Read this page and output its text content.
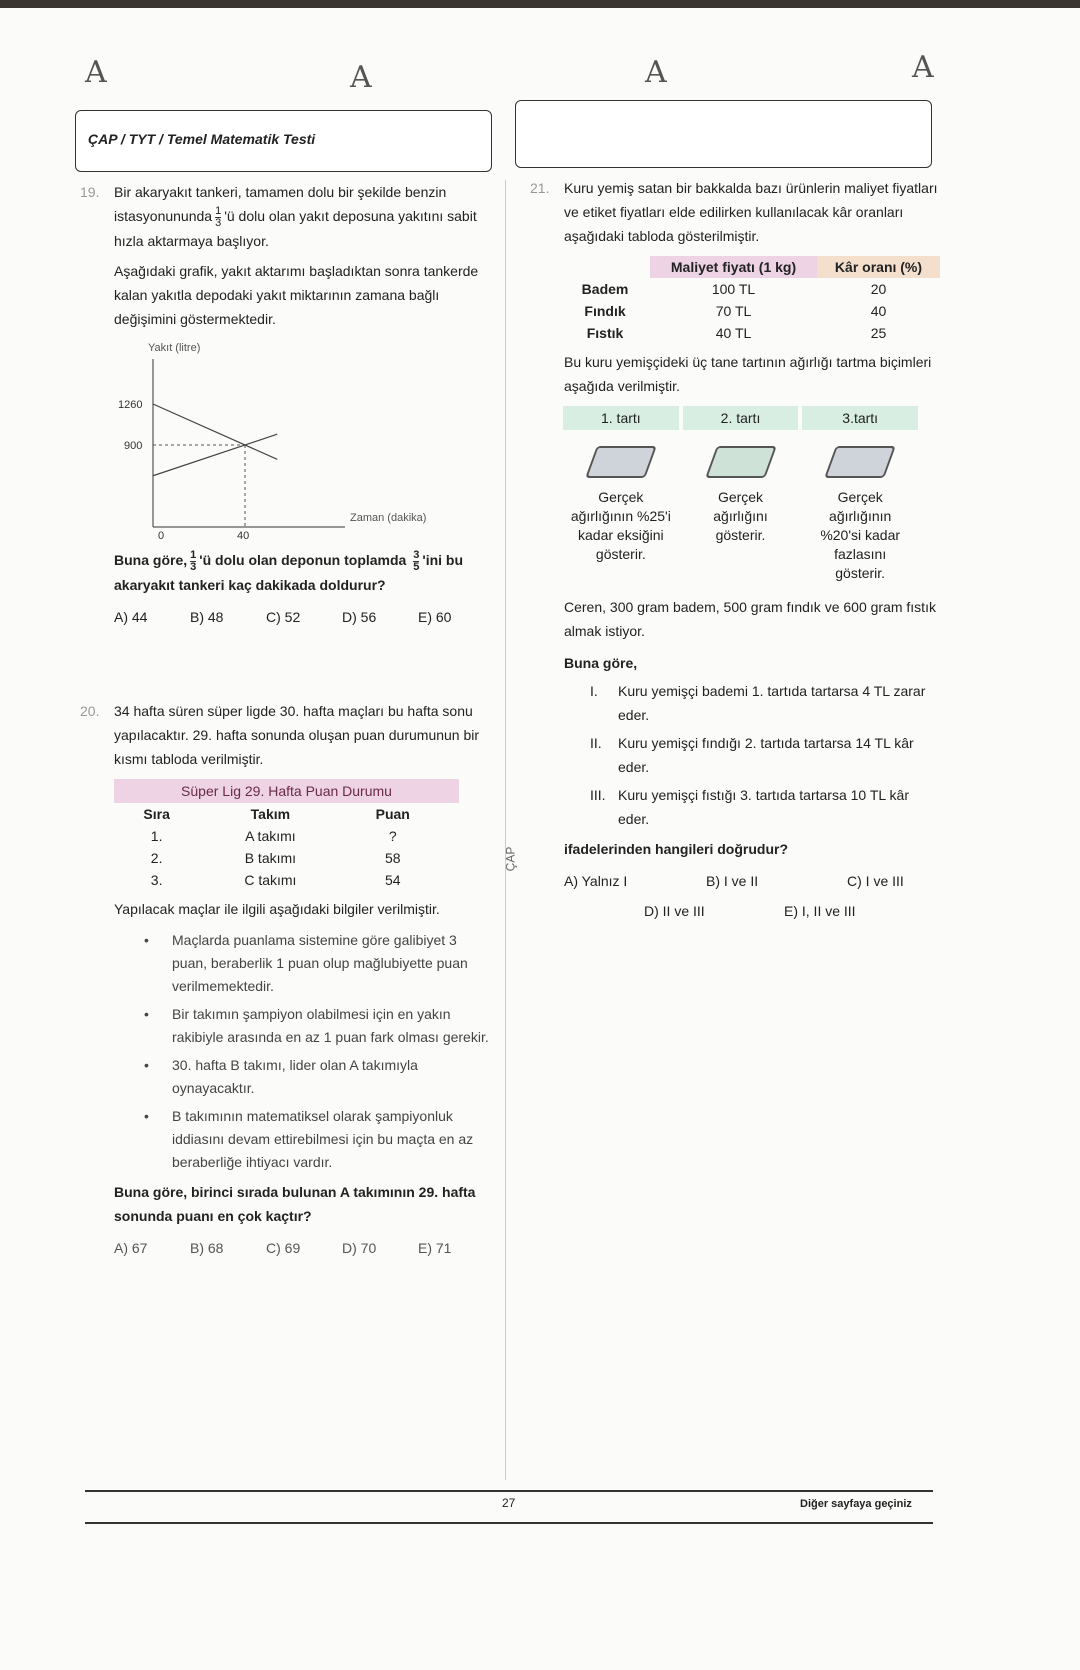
A	A	A	A
ÇAP / TYT / Temel Matematik Testi
ÇAP
19.	Bir akaryakıt tankeri, tamamen dolu bir şekilde benzin
istasyonununda $\frac{1}{3}$ 'ü dolu olan yakıt deposuna yakıtını sabit hızla aktarmaya başlıyor.
Aşağıdaki grafik, yakıt aktarımı başladıktan sonra tankerde kalan yakıtla depodaki yakıt miktarının zamana bağlı değişimini göstermektedir.
Yakıt (litre)
Zaman (dakika)
1260
900
0	40
Buna göre, $\frac{1}{3}$ 'ü dolu olan deponun toplamda $\frac{3}{5}$ 'ini bu akaryakıt tankeri kaç dakikada doldurur?
A) 44	B) 48	C) 52	D) 56	E) 60
20.	34 hafta süren süper ligde 30. hafta maçları bu hafta sonu yapılacaktır. 29. hafta sonunda oluşan puan durumunun bir kısmı tabloda verilmiştir.
Süper Lig 29. Hafta Puan Durumu
Sıra	Takım	Puan
1.	A takımı	?
2.	B takımı	58
3.	C takımı	54
Yapılacak maçlar ile ilgili aşağıdaki bilgiler verilmiştir.
• Maçlarda puanlama sistemine göre galibiyet 3 puan, beraberlik 1 puan olup mağlubiyette puan verilmemektedir.
• Bir takımın şampiyon olabilmesi için en yakın rakibiyle arasında en az 1 puan fark olması gerekir.
• 30. hafta B takımı, lider olan A takımıyla oynayacaktır.
• B takımının matematiksel olarak şampiyonluk iddiasını devam ettirebilmesi için bu maçta en az beraberliğe ihtiyacı vardır.
Buna göre, birinci sırada bulunan A takımının 29. hafta sonunda puanı en çok kaçtır?
A) 67	B) 68	C) 69	D) 70	E) 71
21.	Kuru yemiş satan bir bakkalda bazı ürünlerin maliyet fiyatları ve etiket fiyatları elde edilirken kullanılacak kâr oranları aşağıdaki tabloda gösterilmiştir.
	Maliyet fiyatı (1 kg)	Kâr oranı (%)
Badem	100 TL	20
Fındık	70 TL	40
Fıstık	40 TL	25
Bu kuru yemişçideki üç tane tartının ağırlığı tartma biçimleri aşağıda verilmiştir.
1. tartı
Gerçek ağırlığının %25'i kadar eksiğini gösterir.
2. tartı
Gerçek ağırlığını gösterir.
3.tartı
Gerçek ağırlığının %20'si kadar fazlasını gösterir.
Ceren, 300 gram badem, 500 gram fındık ve 600 gram fıstık almak istiyor.
Buna göre,
I.	Kuru yemişçi bademi 1. tartıda tartarsa 4 TL zarar eder.
II.	Kuru yemişçi fındığı 2. tartıda tartarsa 14 TL kâr eder.
III. Kuru yemişçi fıstığı 3. tartıda tartarsa 10 TL kâr eder.
ifadelerinden hangileri doğrudur?
A) Yalnız I	B) I ve II	C) I ve III
D) II ve III	E) I, II ve III
27	Diğer sayfaya geçiniz
